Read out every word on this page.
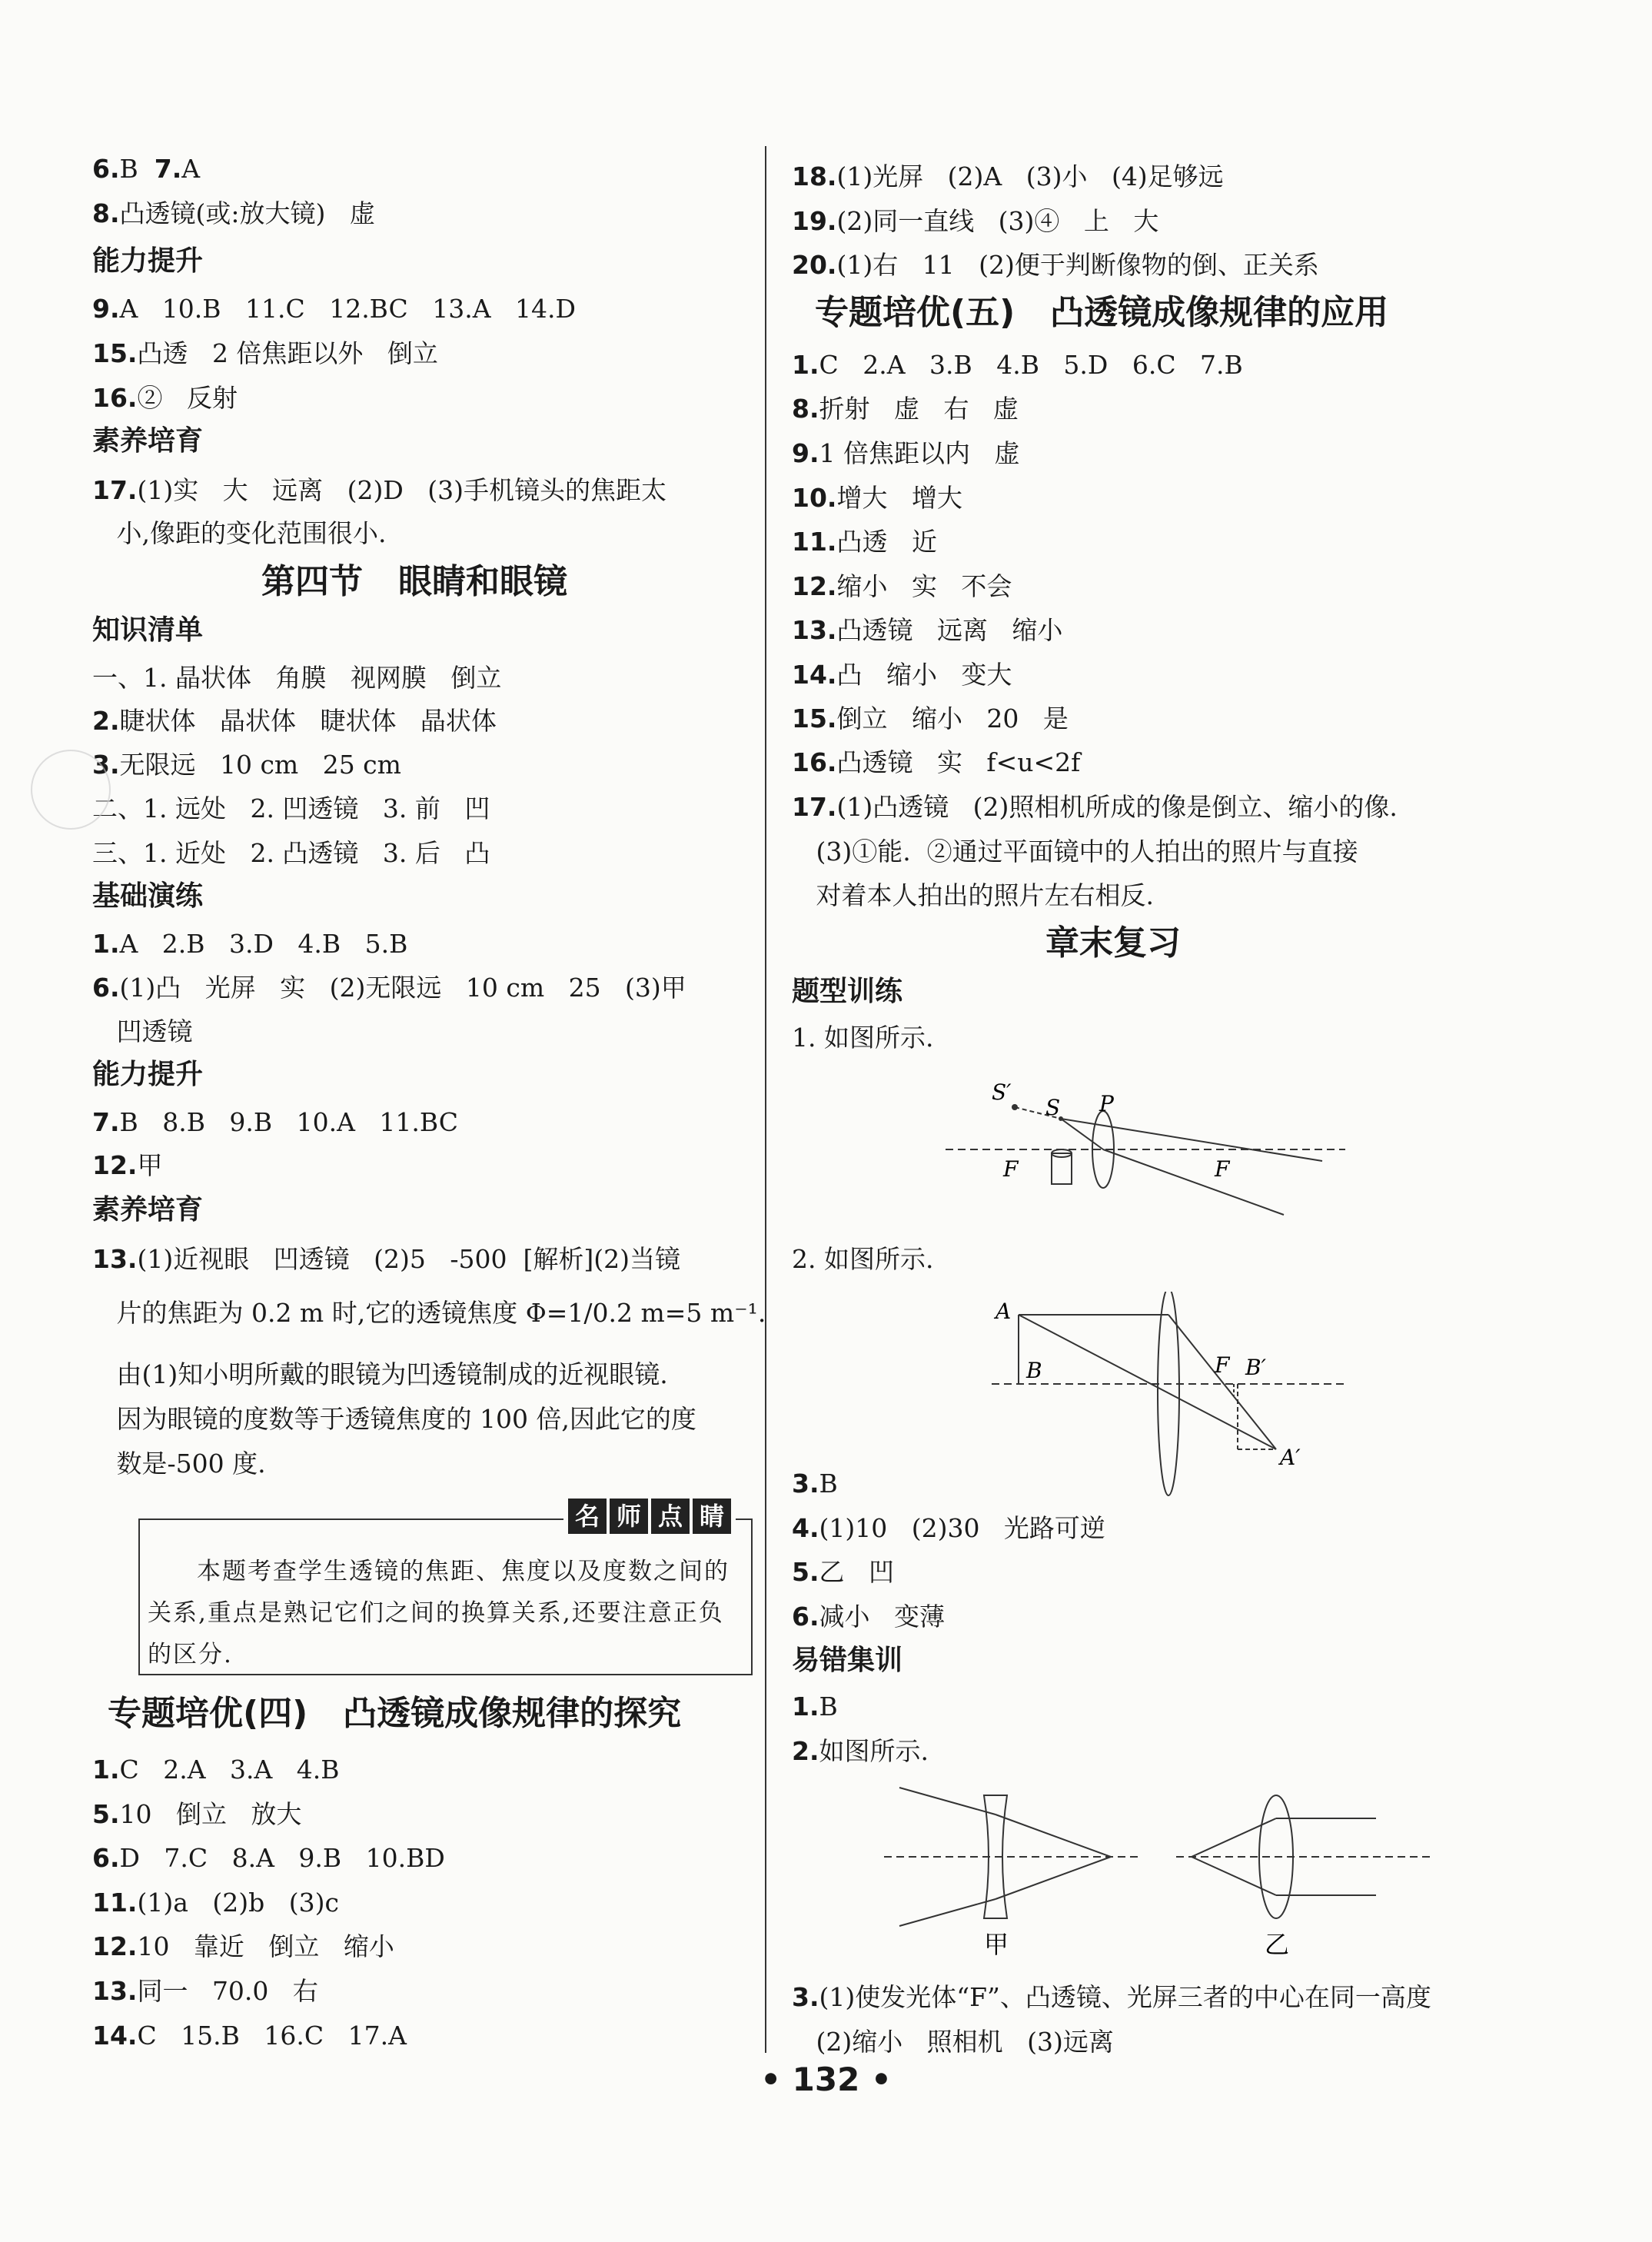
6.B  7.A
8.凸透镜(或:放大镜)   虚
能力提升
9.A   10.B   11.C   12.BC   13.A   14.D
15.凸透   2 倍焦距以外   倒立
16.②   反射
素养培育
17.(1)实   大   远离   (2)D   (3)手机镜头的焦距太
小,像距的变化范围很小.
第四节   眼睛和眼镜
知识清单
一、1. 晶状体   角膜   视网膜   倒立
2.睫状体   晶状体   睫状体   晶状体
3.无限远   10 cm   25 cm
二、1. 远处   2. 凹透镜   3. 前   凹
三、1. 近处   2. 凸透镜   3. 后   凸
基础演练
1.A   2.B   3.D   4.B   5.B
6.(1)凸   光屏   实   (2)无限远   10 cm   25   (3)甲
凹透镜
能力提升
7.B   8.B   9.B   10.A   11.BC
12.甲
素养培育
13.(1)近视眼   凹透镜   (2)5   -500  [解析](2)当镜
片的焦距为 0.2 m 时,它的透镜焦度 Φ=1/0.2 m=5 m⁻¹.
由(1)知小明所戴的眼镜为凹透镜制成的近视眼镜.
因为眼镜的度数等于透镜焦度的 100 倍,因此它的度
数是-500 度.
名 师 点 睛
本题考查学生透镜的焦距、焦度以及度数之间的关系,重点是熟记它们之间的换算关系,还要注意正负的区分.
专题培优(四)   凸透镜成像规律的探究
1.C   2.A   3.A   4.B
5.10   倒立   放大
6.D   7.C   8.A   9.B   10.BD
11.(1)a   (2)b   (3)c
12.10   靠近   倒立   缩小
13.同一   70.0   右
14.C   15.B   16.C   17.A
18.(1)光屏   (2)A   (3)小   (4)足够远
19.(2)同一直线   (3)④   上   大
20.(1)右   11   (2)便于判断像物的倒、正关系
专题培优(五)   凸透镜成像规律的应用
1.C   2.A   3.B   4.B   5.D   6.C   7.B
8.折射   虚   右   虚
9.1 倍焦距以内   虚
10.增大   增大
11.凸透   近
12.缩小   实   不会
13.凸透镜   远离   缩小
14.凸   缩小   变大
15.倒立   缩小   20   是
16.凸透镜   实   f<u<2f
17.(1)凸透镜   (2)照相机所成的像是倒立、缩小的像.
(3)①能.  ②通过平面镜中的人拍出的照片与直接
对着本人拍出的照片左右相反.
章末复习
题型训练
1. 如图所示.
S′
S P
F	F
2. 如图所示.
A
B	F B′
A′
3.B
4.(1)10   (2)30   光路可逆
5.乙   凹
6.减小   变薄
易错集训
1.B
2.如图所示.
甲	乙
3.(1)使发光体“F”、凸透镜、光屏三者的中心在同一高度
(2)缩小   照相机   (3)远离
• 132 •
